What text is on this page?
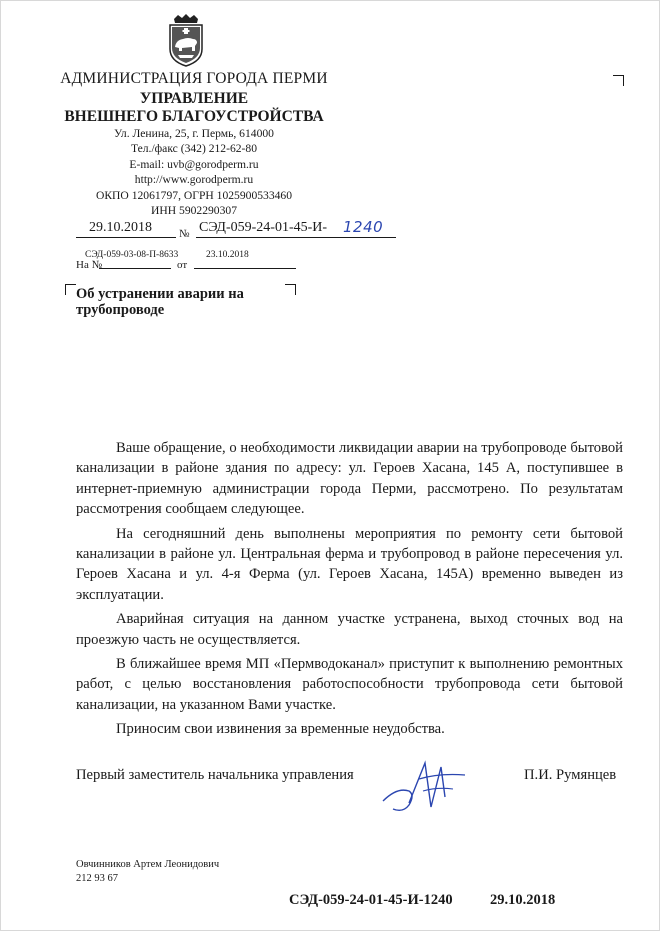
АДМИНИСТРАЦИЯ ГОРОДА ПЕРМИ
УПРАВЛЕНИЕ
ВНЕШНЕГО БЛАГОУСТРОЙСТВА
Ул. Ленина, 25, г. Пермь, 614000
Тел./факс (342) 212-62-80
E-mail: uvb@gorodperm.ru
http://www.gorodperm.ru
ОКПО 12061797, ОГРН 1025900533460
ИНН 5902290307
29.10.2018 № СЭД-059-24-01-45-И- 1240
СЭД-059-03-08-П-8633	23.10.2018
На №	от
Об устранении аварии на
трубопроводе

Ваше обращение, о необходимости ликвидации аварии на трубопроводе бытовой канализации в районе здания по адресу: ул. Героев Хасана, 145 А, поступившее в интернет-приемную администрации города Перми, рассмотрено. По результатам рассмотрения сообщаем следующее.

На сегодняшний день выполнены мероприятия по ремонту сети бытовой канализации в районе ул. Центральная ферма и трубопровод в районе пересечения ул. Героев Хасана и ул. 4-я Ферма (ул. Героев Хасана, 145А) временно выведен из эксплуатации.

Аварийная ситуация на данном участке устранена, выход сточных вод на проезжую часть не осуществляется.

В ближайшее время МП «Пермводоканал» приступит к выполнению ремонтных работ, с целью восстановления работоспособности трубопровода сети бытовой канализации, на указанном Вами участке.

Приносим свои извинения за временные неудобства.

Первый заместитель начальника управления	П.И. Румянцев
Овчинников Артем Леонидович
212 93 67
СЭД-059-24-01-45-И-1240	29.10.2018
